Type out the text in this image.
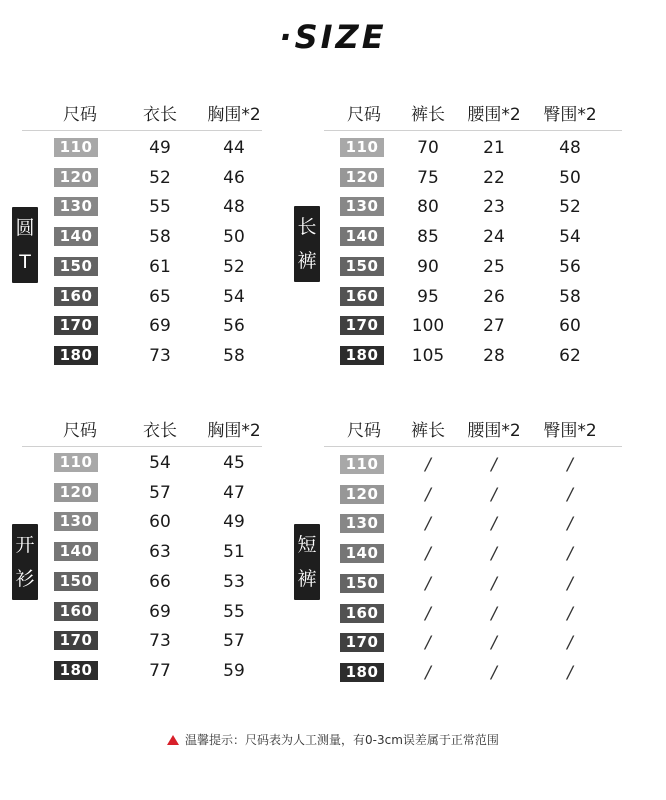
·SIZE
尺码	衣长 胸围*2
圆
T
110	49	44
120	52	46
130	55	48
140	58	50
150	61	52
160	65	54
170	69	56
180	73	58
尺码 裤长 腰围*2 臀围*2
长
裤
110	70	21	48
120	75	22	50
130	80	23	52
140	85	24	54
150	90	25	56
160	95	26	58
170	100 27	60
180	105 28	62
尺码	衣长 胸围*2
开
衫
110	54	45
120	57	47
130	60	49
140	63	51
150	66	53
160	69	55
170	73	57
180	77	59
尺码 裤长 腰围*2 臀围*2
短
裤
110	/	/	/
120	/	/	/
130	/	/	/
140	/	/	/
150	/	/	/
160	/	/	/
170	/	/	/
180	/	/	/
温馨提示：尺码表为人工测量，有0-3cm误差属于正常范围
